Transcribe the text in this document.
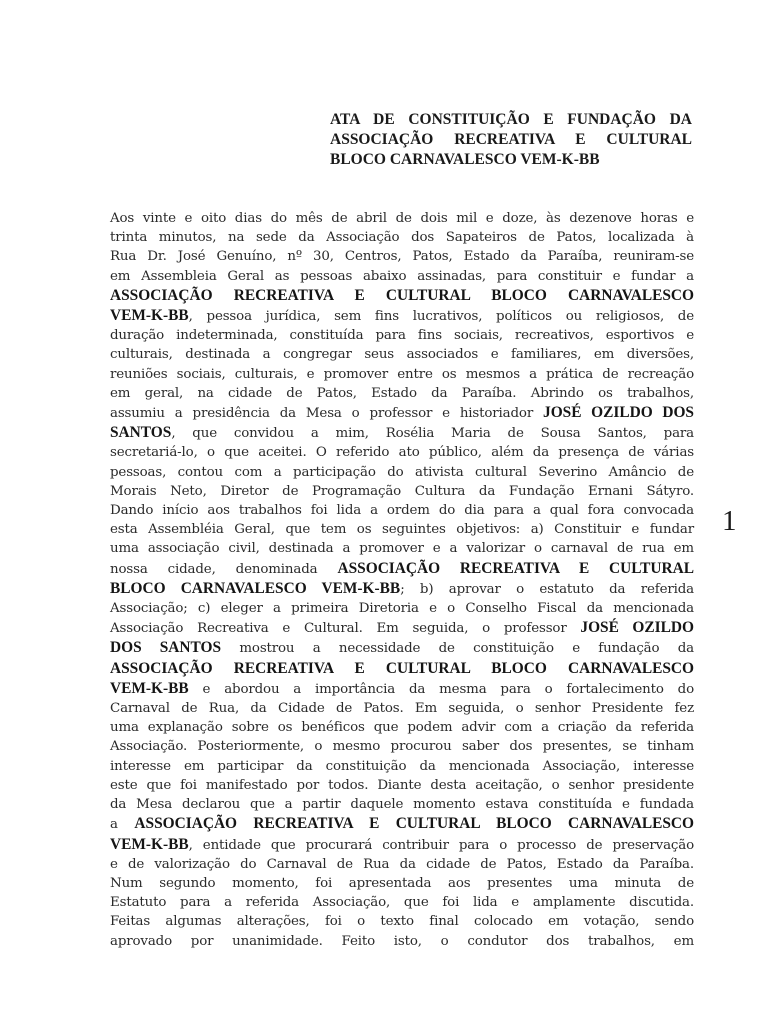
ATA DE CONSTITUIÇÃO E FUNDAÇÃO DA
ASSOCIAÇÃO RECREATIVA E CULTURAL
BLOCO CARNAVALESCO VEM-K-BB
Aos vinte e oito dias do mês de abril de dois mil e doze, às dezenove horas e
trinta minutos, na sede da Associação dos Sapateiros de Patos, localizada à
Rua Dr. José Genuíno, nº 30, Centros, Patos, Estado da Paraíba, reuniram-se
em Assembleia Geral as pessoas abaixo assinadas, para constituir e fundar a
ASSOCIAÇÃO RECREATIVA E CULTURAL BLOCO CARNAVALESCO
VEM-K-BB, pessoa jurídica, sem fins lucrativos, políticos ou religiosos, de
duração indeterminada, constituída para fins sociais, recreativos, esportivos e
culturais, destinada a congregar seus associados e familiares, em diversões,
reuniões sociais, culturais, e promover entre os mesmos a prática de recreação
em geral, na cidade de Patos, Estado da Paraíba. Abrindo os trabalhos,
assumiu a presidência da Mesa o professor e historiador JOSÉ OZILDO DOS
SANTOS, que convidou a mim, Rosélia Maria de Sousa Santos, para
secretariá-lo, o que aceitei. O referido ato público, além da presença de várias
pessoas, contou com a participação do ativista cultural Severino Amâncio de
Morais Neto, Diretor de Programação Cultura da Fundação Ernani Sátyro.
Dando início aos trabalhos foi lida a ordem do dia para a qual fora convocada
esta Assembléia Geral, que tem os seguintes objetivos: a) Constituir e fundar
uma associação civil, destinada a promover e a valorizar o carnaval de rua em
nossa cidade, denominada ASSOCIAÇÃO RECREATIVA E CULTURAL
BLOCO CARNAVALESCO VEM-K-BB; b) aprovar o estatuto da referida
Associação; c) eleger a primeira Diretoria e o Conselho Fiscal da mencionada
Associação Recreativa e Cultural. Em seguida, o professor JOSÉ OZILDO
DOS SANTOS mostrou a necessidade de constituição e fundação da
ASSOCIAÇÃO RECREATIVA E CULTURAL BLOCO CARNAVALESCO
VEM-K-BB e abordou a importância da mesma para o fortalecimento do
Carnaval de Rua, da Cidade de Patos. Em seguida, o senhor Presidente fez
uma explanação sobre os benéficos que podem advir com a criação da referida
Associação. Posteriormente, o mesmo procurou saber dos presentes, se tinham
interesse em participar da constituição da mencionada Associação, interesse
este que foi manifestado por todos. Diante desta aceitação, o senhor presidente
da Mesa declarou que a partir daquele momento estava constituída e fundada
a ASSOCIAÇÃO RECREATIVA E CULTURAL BLOCO CARNAVALESCO
VEM-K-BB, entidade que procurará contribuir para o processo de preservação
e de valorização do Carnaval de Rua da cidade de Patos, Estado da Paraíba.
Num segundo momento, foi apresentada aos presentes uma minuta de
Estatuto para a referida Associação, que foi lida e amplamente discutida.
Feitas algumas alterações, foi o texto final colocado em votação, sendo
aprovado por unanimidade. Feito isto, o condutor dos trabalhos, em
1
